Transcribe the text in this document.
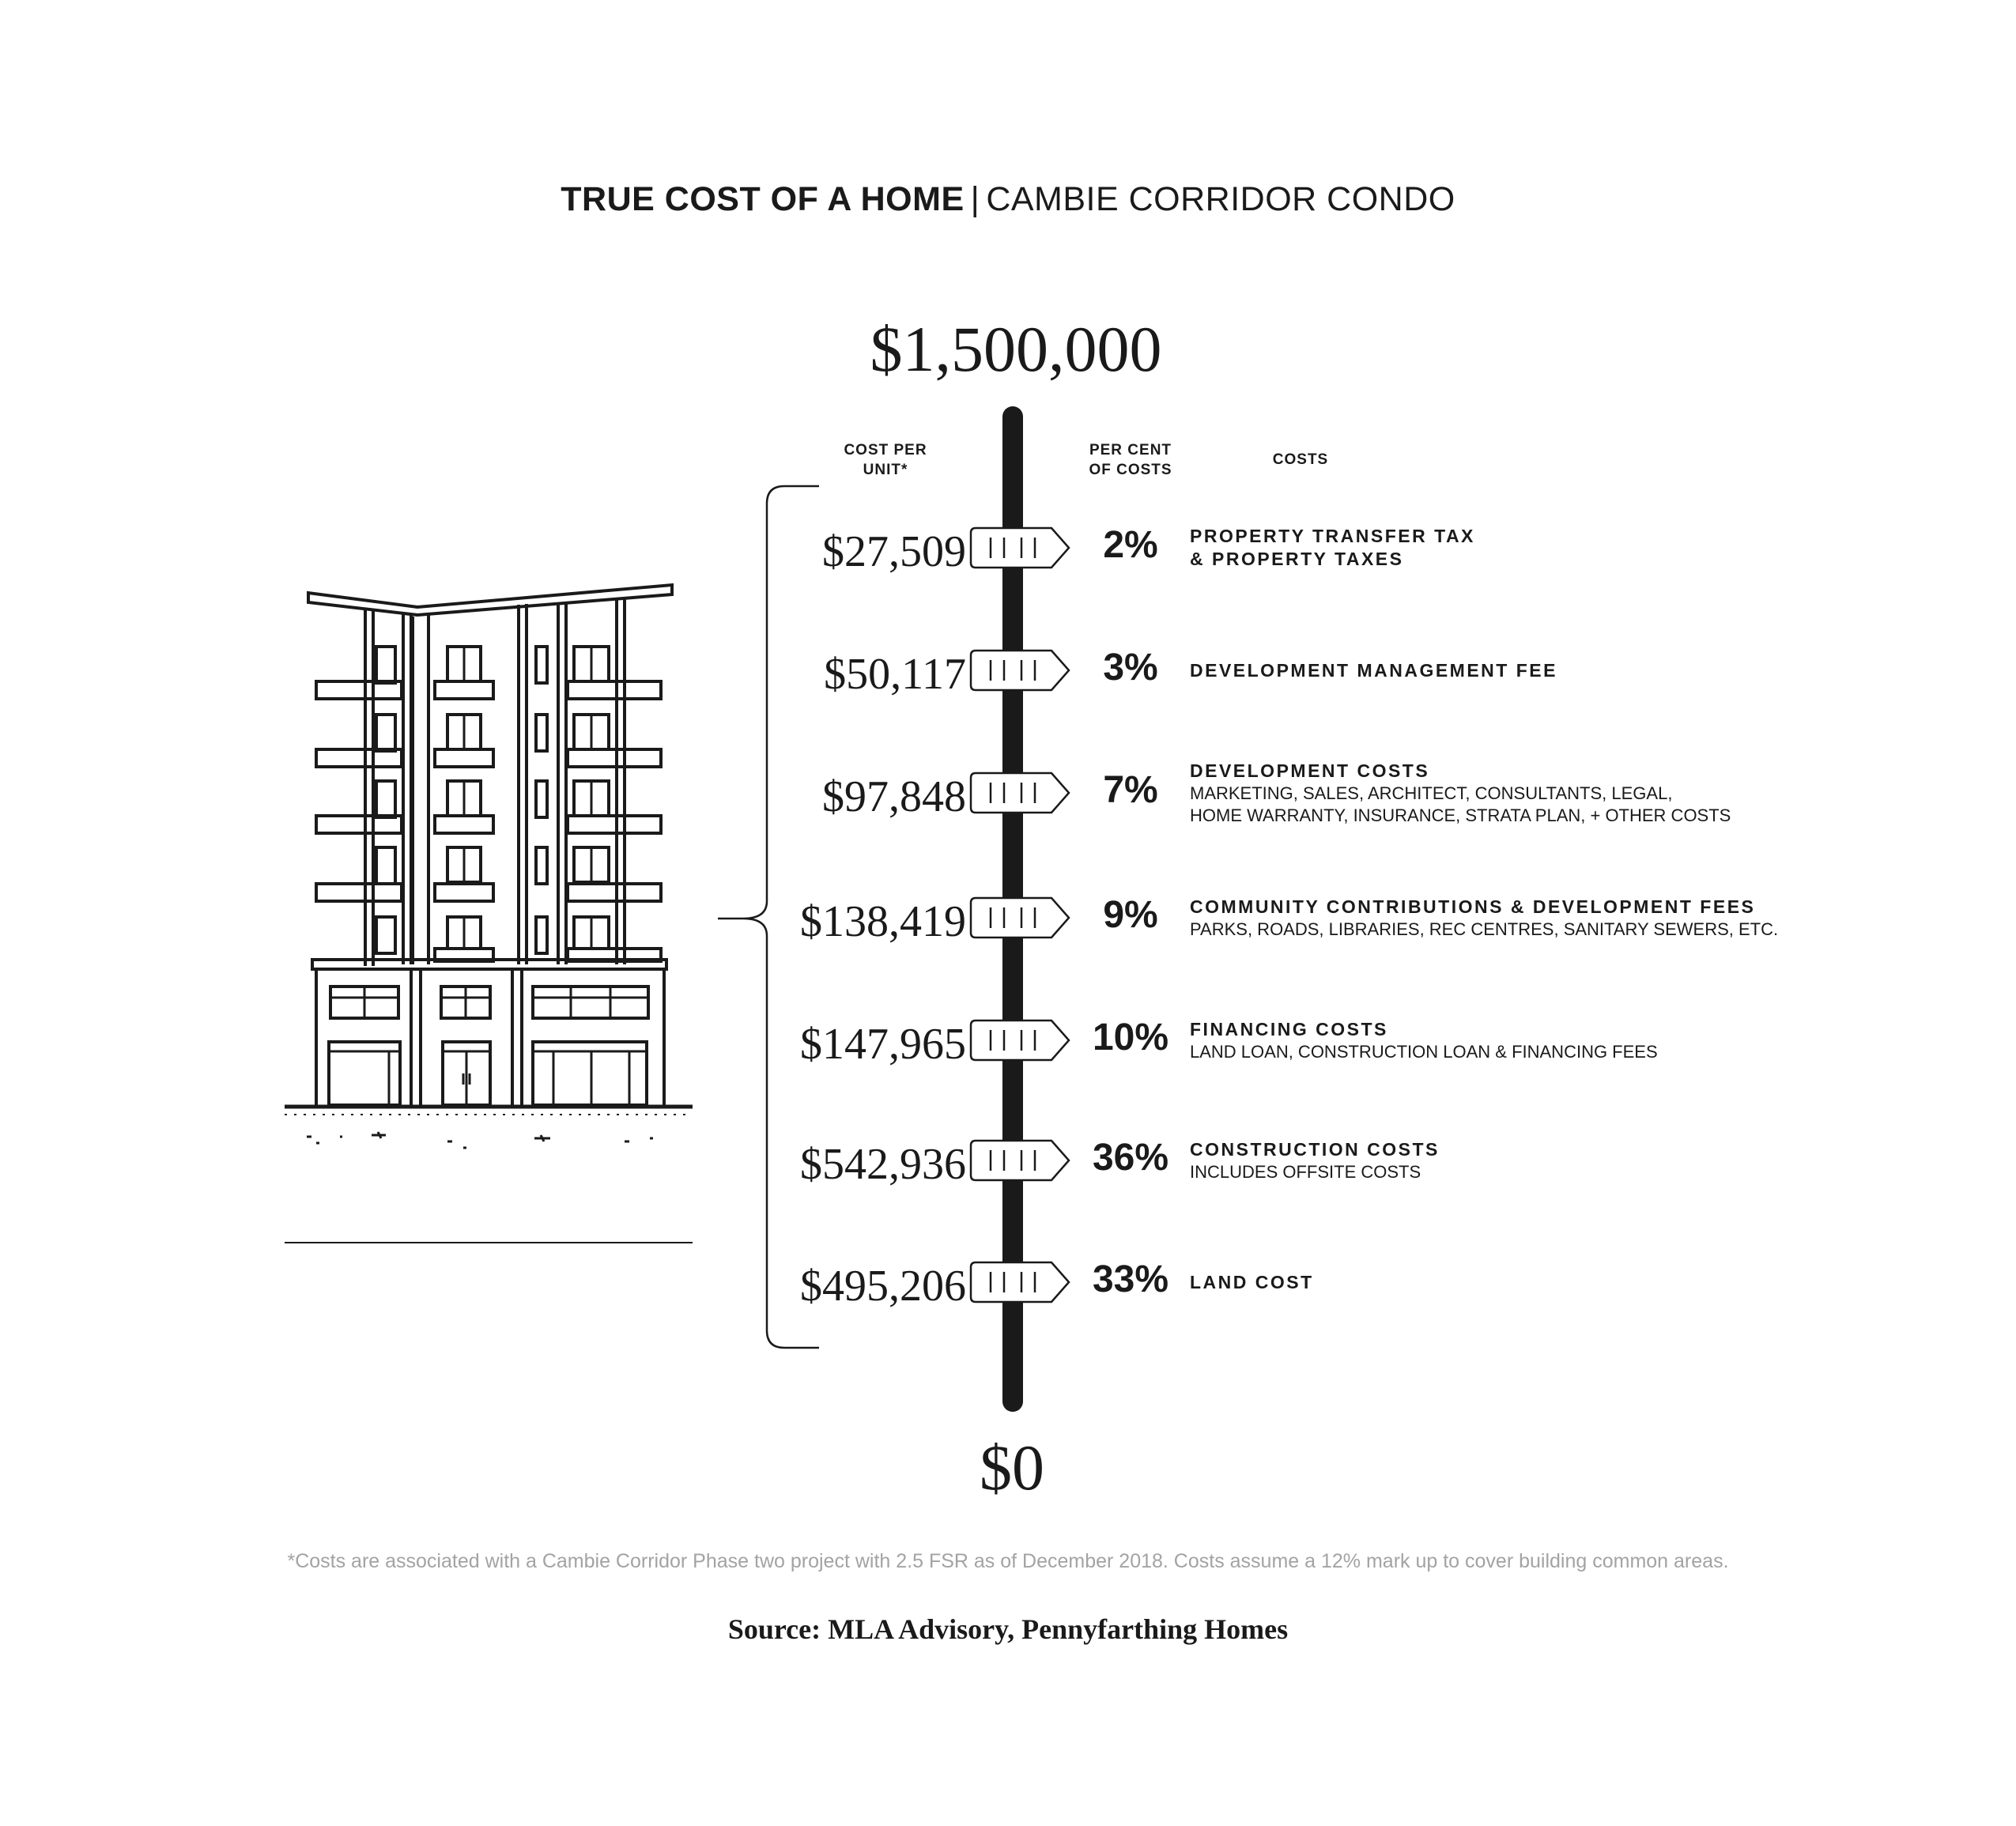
TRUE COST OF A HOME | CAMBIE CORRIDOR CONDO
$1,500,000
$0
COST PER
UNIT*
PER CENT
OF COSTS
COSTS
$27,509	2%	PROPERTY TRANSFER TAX
& PROPERTY TAXES
$50,117	3%	DEVELOPMENT MANAGEMENT FEE
$97,848	7%	DEVELOPMENT COSTS
MARKETING, SALES, ARCHITECT, CONSULTANTS, LEGAL,
HOME WARRANTY, INSURANCE, STRATA PLAN, + OTHER COSTS
$138,419	9%	COMMUNITY CONTRIBUTIONS & DEVELOPMENT FEES
PARKS, ROADS, LIBRARIES, REC CENTRES, SANITARY SEWERS, ETC.
$147,965	10%	FINANCING COSTS
LAND LOAN, CONSTRUCTION LOAN & FINANCING FEES
$542,936	36%	CONSTRUCTION COSTS
INCLUDES OFFSITE COSTS
$495,206	33%	LAND COST
*Costs are associated with a Cambie Corridor Phase two project with 2.5 FSR as of December 2018. Costs assume a 12% mark up to cover building common areas.
Source: MLA Advisory, Pennyfarthing Homes
